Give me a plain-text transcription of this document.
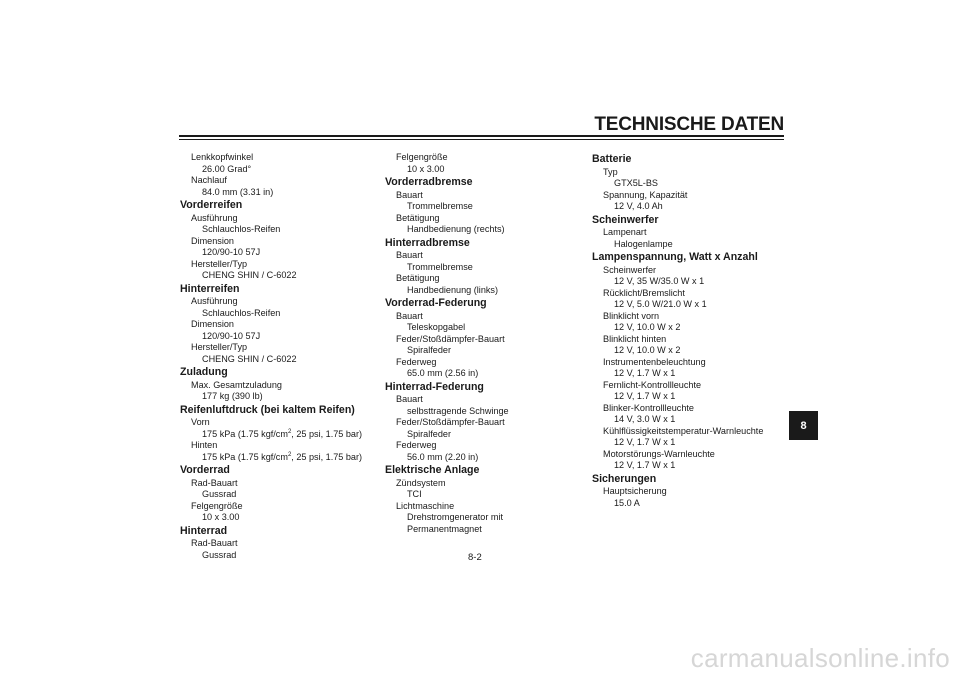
TECHNISCHE DATEN
Lenkkopfwinkel
26.00 Grad°
Nachlauf
84.0 mm (3.31 in)
Vorderreifen
Ausführung
Schlauchlos-Reifen
Dimension
120/90-10 57J
Hersteller/Typ
CHENG SHIN / C-6022
Hinterreifen
Ausführung
Schlauchlos-Reifen
Dimension
120/90-10 57J
Hersteller/Typ
CHENG SHIN / C-6022
Zuladung
Max. Gesamtzuladung
177 kg (390 lb)
Reifenluftdruck (bei kaltem Reifen)
Vorn
175 kPa (1.75 kgf/$cm^2$, 25 psi, 1.75 bar)
Hinten
175 kPa (1.75 kgf/$cm^2$, 25 psi, 1.75 bar)
Vorderrad
Rad-Bauart
Gussrad
Felgengröße
10 x 3.00
Hinterrad
Rad-Bauart
Gussrad
Felgengröße
10 x 3.00
Vorderradbremse
Bauart
Trommelbremse
Betätigung
Handbedienung (rechts)
Hinterradbremse
Bauart
Trommelbremse
Betätigung
Handbedienung (links)
Vorderrad-Federung
Bauart
Teleskopgabel
Feder/Stoßdämpfer-Bauart
Spiralfeder
Federweg
65.0 mm (2.56 in)
Hinterrad-Federung
Bauart
selbsttragende Schwinge
Feder/Stoßdämpfer-Bauart
Spiralfeder
Federweg
56.0 mm (2.20 in)
Elektrische Anlage
Zündsystem
TCI
Lichtmaschine
Drehstromgenerator mit
Permanentmagnet
Batterie
Typ
GTX5L-BS
Spannung, Kapazität
12 V, 4.0 Ah
Scheinwerfer
Lampenart
Halogenlampe
Lampenspannung, Watt x Anzahl
Scheinwerfer
12 V, 35 W/35.0 W x 1
Rücklicht/Bremslicht
12 V, 5.0 W/21.0 W x 1
Blinklicht vorn
12 V, 10.0 W x 2
Blinklicht hinten
12 V, 10.0 W x 2
Instrumentenbeleuchtung
12 V, 1.7 W x 1
Fernlicht-Kontrollleuchte
12 V, 1.7 W x 1
Blinker-Kontrollleuchte
14 V, 3.0 W x 1
Kühlflüssigkeitstemperatur-Warnleuchte
12 V, 1.7 W x 1
Motorstörungs-Warnleuchte
12 V, 1.7 W x 1
Sicherungen
Hauptsicherung
15.0 A
8
8-2
carmanualsonline.info
